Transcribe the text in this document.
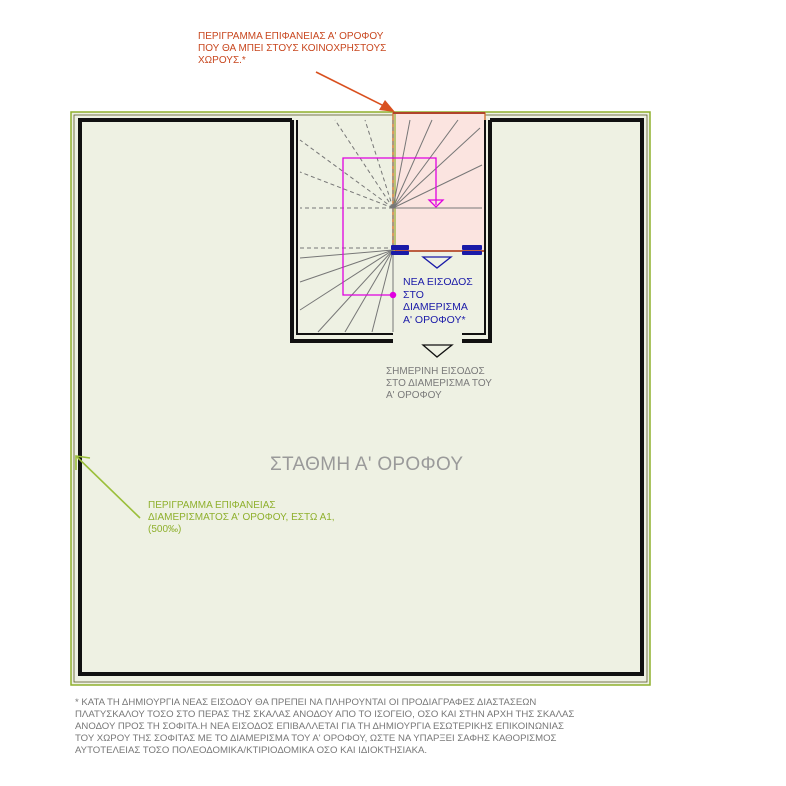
ΠΕΡΙΓΡΑΜΜΑ ΕΠΙΦΑΝΕΙΑΣ Α' ΟΡΟΦΟΥ
ΠΟΥ ΘΑ ΜΠΕΙ ΣΤΟΥΣ ΚΟΙΝΟΧΡΗΣΤΟΥΣ
ΧΩΡΟΥΣ.*
ΝΕΑ ΕΙΣΟΔΟΣ
ΣΤΟ
ΔΙΑΜΕΡΙΣΜΑ
Α' ΟΡΟΦΟΥ*
ΣΗΜΕΡΙΝΗ ΕΙΣΟΔΟΣ
ΣΤΟ ΔΙΑΜΕΡΙΣΜΑ ΤΟΥ
Α' ΟΡΟΦΟΥ
ΣΤΑΘΜΗ Α' ΟΡΟΦΟΥ
ΠΕΡΙΓΡΑΜΜΑ ΕΠΙΦΑΝΕΙΑΣ
ΔΙΑΜΕΡΙΣΜΑΤΟΣ Α' ΟΡΟΦΟΥ, ΕΣΤΩ Α1,
(500‰)
* ΚΑΤΑ ΤΗ ΔΗΜΙΟΥΡΓΙΑ ΝΕΑΣ ΕΙΣΟΔΟΥ ΘΑ ΠΡΕΠΕΙ ΝΑ ΠΛΗΡΟΥΝΤΑΙ ΟΙ ΠΡΟΔΙΑΓΡΑΦΕΣ ΔΙΑΣΤΑΣΕΩΝ
ΠΛΑΤΥΣΚΑΛΟΥ ΤΟΣΟ ΣΤΟ ΠΕΡΑΣ ΤΗΣ ΣΚΑΛΑΣ ΑΝΟΔΟΥ ΑΠΟ ΤΟ ΙΣΟΓΕΙΟ, ΟΣΟ ΚΑΙ ΣΤΗΝ ΑΡΧΗ ΤΗΣ ΣΚΑΛΑΣ
ΑΝΟΔΟΥ ΠΡΟΣ ΤΗ ΣΟΦΙΤΑ.Η ΝΕΑ ΕΙΣΟΔΟΣ ΕΠΙΒΑΛΛΕΤΑΙ ΓΙΑ ΤΗ ΔΗΜΙΟΥΡΓΙΑ ΕΣΩΤΕΡΙΚΗΣ ΕΠΙΚΟΙΝΩΝΙΑΣ
ΤΟΥ ΧΩΡΟΥ ΤΗΣ ΣΟΦΙΤΑΣ ΜΕ ΤΟ ΔΙΑΜΕΡΙΣΜΑ ΤΟΥ Α' ΟΡΟΦΟΥ, ΩΣΤΕ ΝΑ ΥΠΑΡΞΕΙ ΣΑΦΗΣ ΚΑΘΟΡΙΣΜΟΣ
ΑΥΤΟΤΕΛΕΙΑΣ ΤΟΣΟ ΠΟΛΕΟΔΟΜΙΚΑ/ΚΤΙΡΙΟΔΟΜΙΚΑ ΟΣΟ ΚΑΙ ΙΔΙΟΚΤΗΣΙΑΚΑ.
